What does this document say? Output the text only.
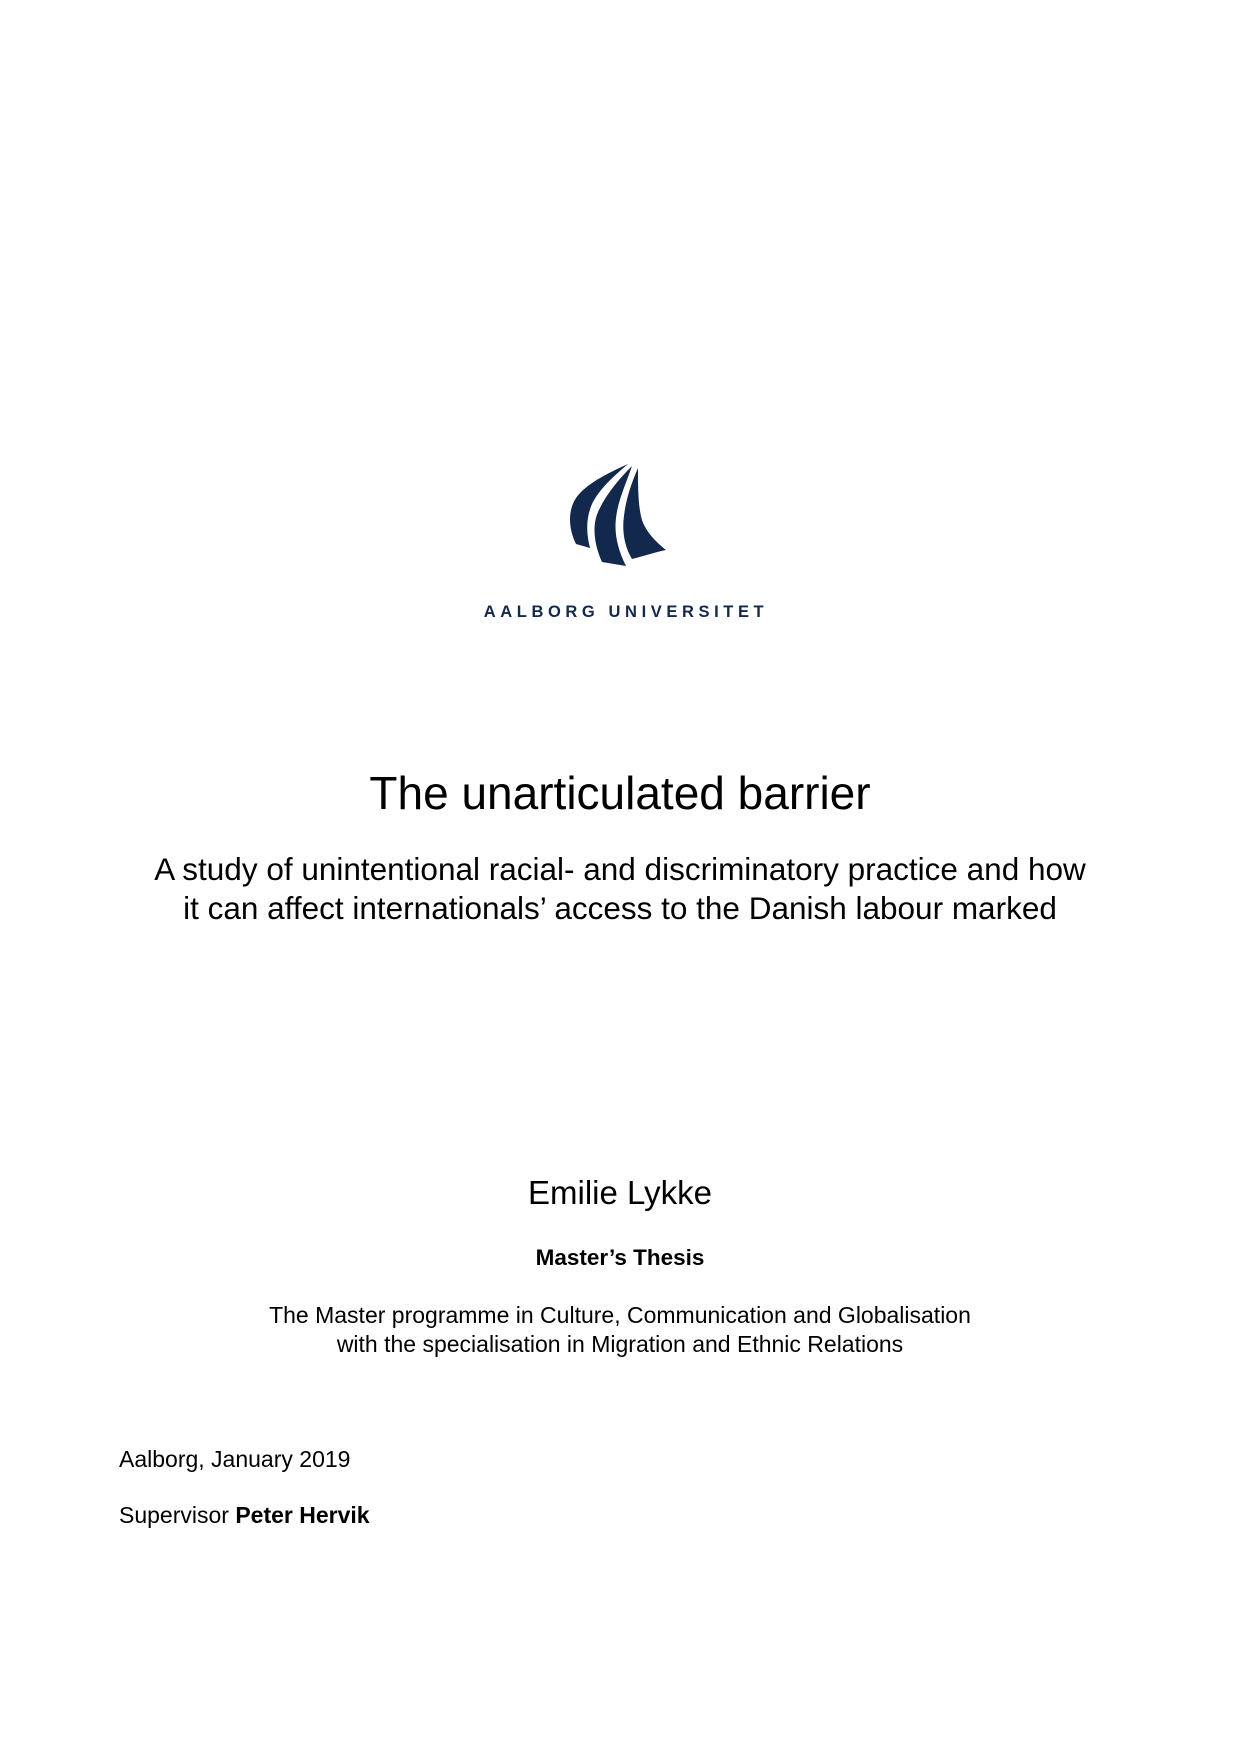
AALBORG UNIVERSITET
The unarticulated barrier
A study of unintentional racial- and discriminatory practice and how
it can affect internationals’ access to the Danish labour marked
Emilie Lykke
Master’s Thesis
The Master programme in Culture, Communication and Globalisation
with the specialisation in Migration and Ethnic Relations
Aalborg, January 2019
Supervisor Peter Hervik
